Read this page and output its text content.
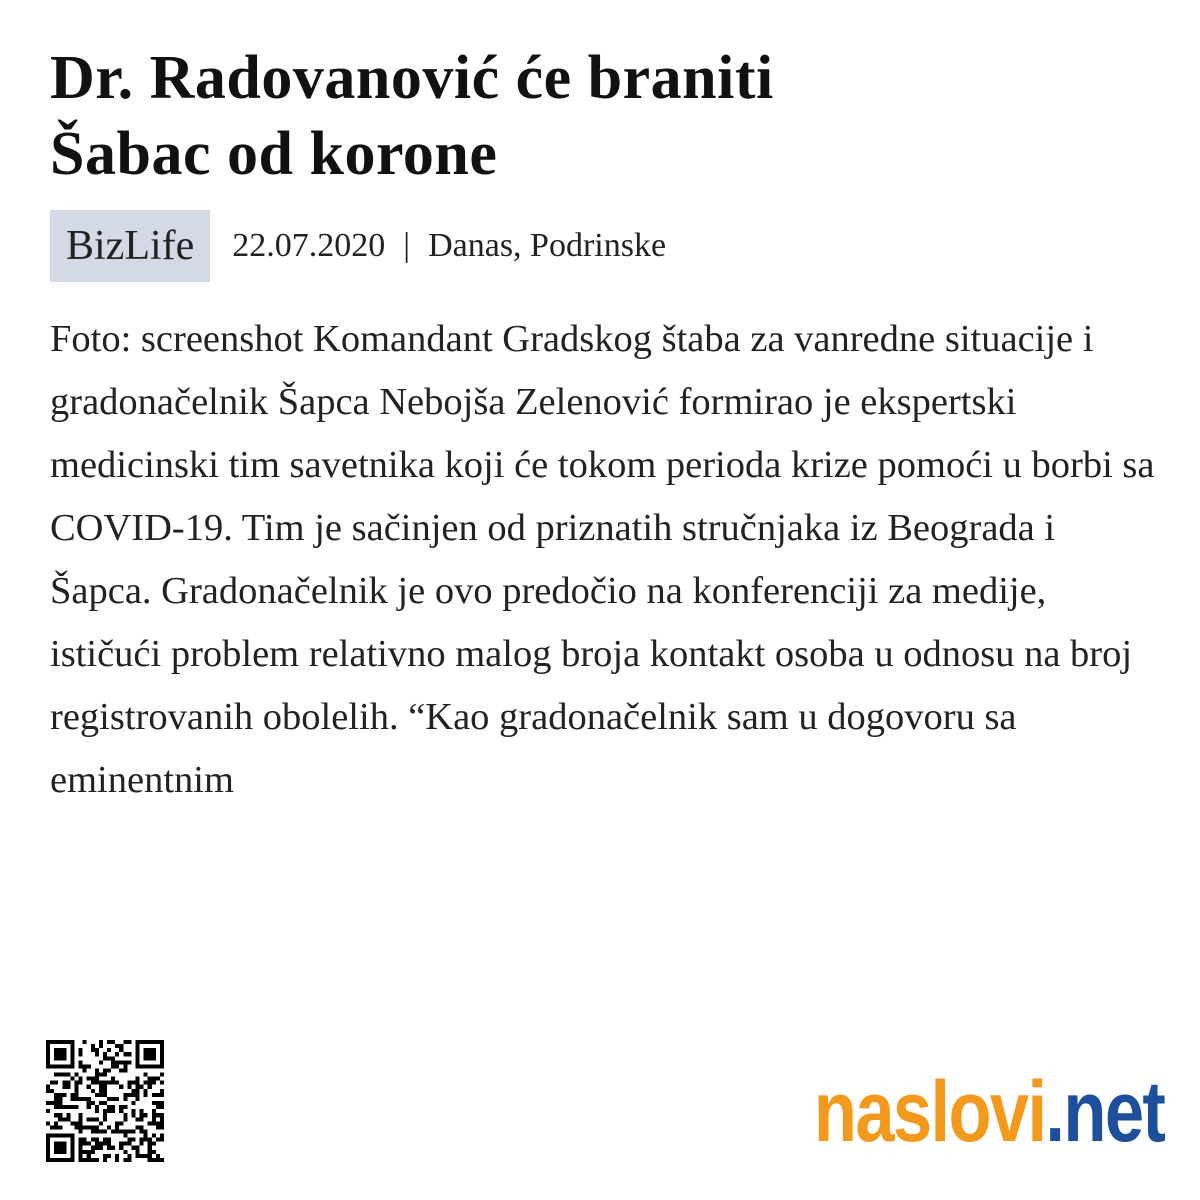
Dr. Radovanović će braniti
Šabac od korone
BizLife	22.07.2020 | Danas, Podrinske

Foto: screenshot Komandant Gradskog štaba za vanredne situacije i gradonačelnik Šapca Nebojša Zelenović formirao je ekspertski medicinski tim savetnika koji će tokom perioda krize pomoći u borbi sa COVID-19. Tim je sačinjen od priznatih stručnjaka iz Beograda i Šapca. Gradonačelnik je ovo predočio na konferenciji za medije, ističući problem relativno malog broja kontakt osoba u odnosu na broj registrovanih obolelih. “Kao gradonačelnik sam u dogovoru sa eminentnim

naslovi.net
